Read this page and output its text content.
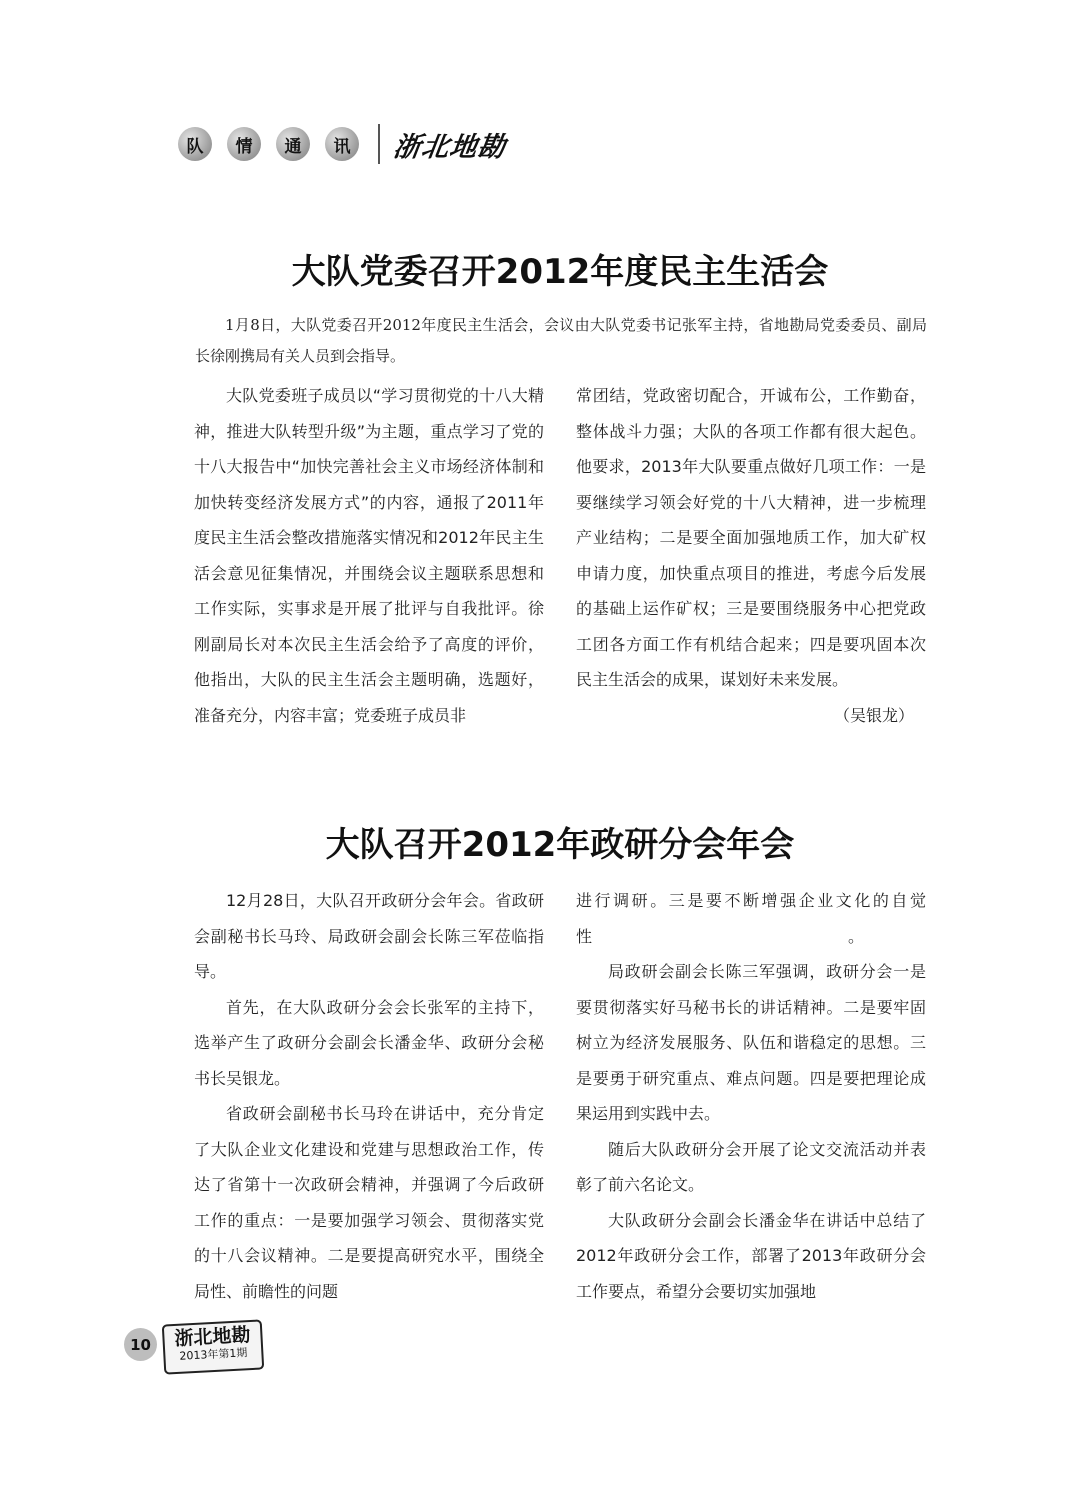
队	情	通	讯	浙北地勘
大队党委召开2012年度民主生活会

1月8日，大队党委召开2012年度民主生活会，会议由大队党委书记张军主持，省地勘局党委委员、副局长徐刚携局有关人员到会指导。

大队党委班子成员以“学习贯彻党的十八大精神，推进大队转型升级”为主题，重点学习了党的十八大报告中“加快完善社会主义市场经济体制和加快转变经济发展方式”的内容，通报了2011年度民主生活会整改措施落实情况和2012年民主生活会意见征集情况，并围绕会议主题联系思想和工作实际，实事求是开展了批评与自我批评。徐刚副局长对本次民主生活会给予了高度的评价，他指出，大队的民主生活会主题明确，选题好，准备充分，内容丰富；党委班子成员非

常团结，党政密切配合，开诚布公，工作勤奋，整体战斗力强；大队的各项工作都有很大起色。他要求，2013年大队要重点做好几项工作：一是要继续学习领会好党的十八大精神，进一步梳理产业结构；二是要全面加强地质工作，加大矿权申请力度，加快重点项目的推进，考虑今后发展的基础上运作矿权；三是要围绕服务中心把党政工团各方面工作有机结合起来；四是要巩固本次民主生活会的成果，谋划好未来发展。

（吴银龙）

大队召开2012年政研分会年会

12月28日，大队召开政研分会年会。省政研会副秘书长马玲、局政研会副会长陈三军莅临指导。

首先，在大队政研分会会长张军的主持下，选举产生了政研分会副会长潘金华、政研分会秘书长吴银龙。

省政研会副秘书长马玲在讲话中，充分肯定了大队企业文化建设和党建与思想政治工作，传达了省第十一次政研会精神，并强调了今后政研工作的重点：一是要加强学习领会、贯彻落实党的十八会议精神。二是要提高研究水平，围绕全局性、前瞻性的问题

进行调研。三是要不断增强企业文化的自觉性　　　　　　　　　　　　　　　　。

局政研会副会长陈三军强调，政研分会一是要贯彻落实好马秘书长的讲话精神。二是要牢固树立为经济发展服务、队伍和谐稳定的思想。三是要勇于研究重点、难点问题。四是要把理论成果运用到实践中去。

随后大队政研分会开展了论文交流活动并表彰了前六名论文。

大队政研分会副会长潘金华在讲话中总结了2012年政研分会工作，部署了2013年政研分会工作要点，希望分会要切实加强地

10	浙北地勘
2013年第1期
